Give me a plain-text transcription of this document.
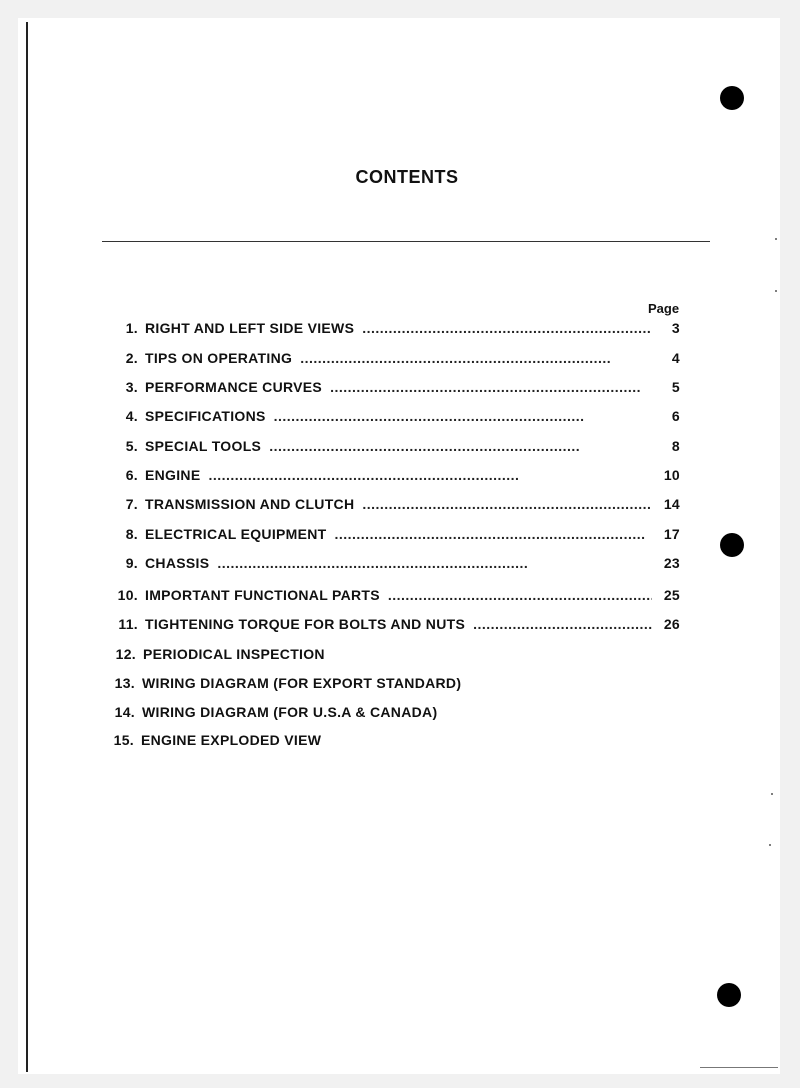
CONTENTS
Page
1. RIGHT AND LEFT SIDE VIEWS . . .	3
2. TIPS ON OPERATING . . .	4
3. PERFORMANCE CURVES . . .	5
4. SPECIFICATIONS . . .	6
5. SPECIAL TOOLS . . .	8
6. ENGINE . . .	10
7. TRANSMISSION AND CLUTCH . . .	14
8. ELECTRICAL EQUIPMENT . . .	17
9. CHASSIS . . .	23
10. IMPORTANT FUNCTIONAL PARTS . . .	25
11. TIGHTENING TORQUE FOR BOLTS AND NUTS . . .	26
12. PERIODICAL INSPECTION
13. WIRING DIAGRAM (FOR EXPORT STANDARD)
14. WIRING DIAGRAM (FOR U.S.A & CANADA)
15. ENGINE EXPLODED VIEW
